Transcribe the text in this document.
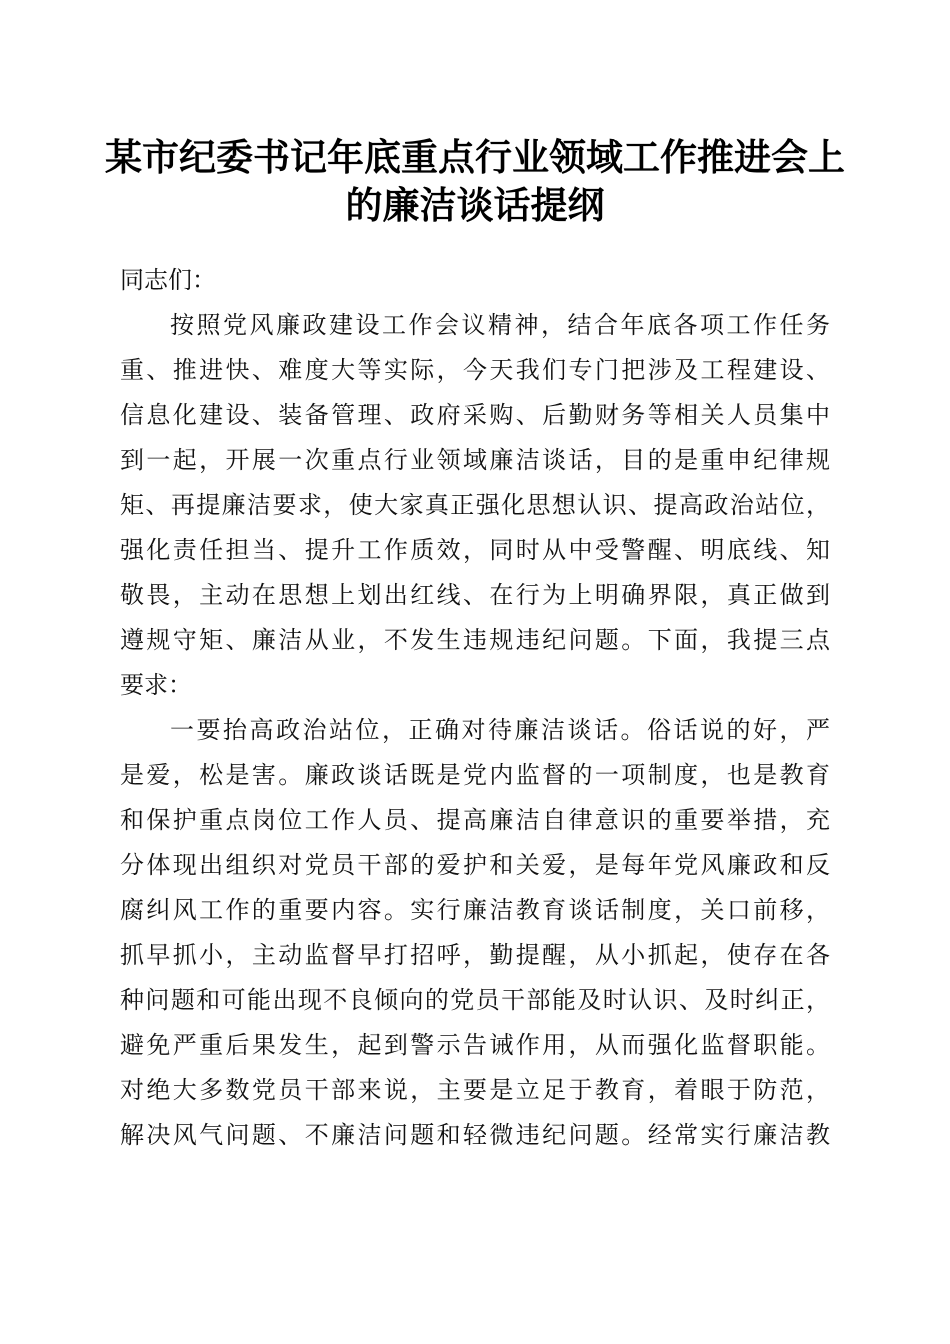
某市纪委书记年底重点行业领域工作推进会上
的廉洁谈话提纲
同志们：
按照党风廉政建设工作会议精神，结合年底各项工作任务
重、推进快、难度大等实际，今天我们专门把涉及工程建设、
信息化建设、装备管理、政府采购、后勤财务等相关人员集中
到一起，开展一次重点行业领域廉洁谈话，目的是重申纪律规
矩、再提廉洁要求，使大家真正强化思想认识、提高政治站位，
强化责任担当、提升工作质效，同时从中受警醒、明底线、知
敬畏，主动在思想上划出红线、在行为上明确界限，真正做到
遵规守矩、廉洁从业，不发生违规违纪问题。下面，我提三点
要求：
一要抬高政治站位，正确对待廉洁谈话。俗话说的好，严
是爱，松是害。廉政谈话既是党内监督的一项制度，也是教育
和保护重点岗位工作人员、提高廉洁自律意识的重要举措，充
分体现出组织对党员干部的爱护和关爱，是每年党风廉政和反
腐纠风工作的重要内容。实行廉洁教育谈话制度，关口前移，
抓早抓小，主动监督早打招呼，勤提醒，从小抓起，使存在各
种问题和可能出现不良倾向的党员干部能及时认识、及时纠正，
避免严重后果发生，起到警示告诫作用，从而强化监督职能。
对绝大多数党员干部来说，主要是立足于教育，着眼于防范，
解决风气问题、不廉洁问题和轻微违纪问题。经常实行廉洁教
